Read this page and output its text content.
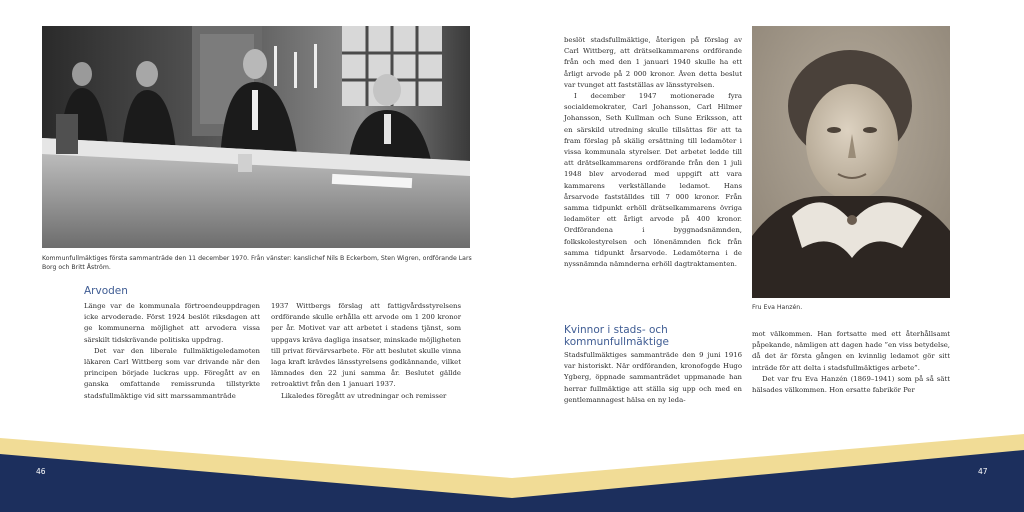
Kommunfullmäktiges första sammanträde den 11 december 1970. Från vänster: kanslichef Nils B Eckerbom, Sten Wigren, ordförande Lars Borg och Britt Åström.
Arvoden

Länge var de kommunala förtroendeuppdragen icke arvoderade. Först 1924 beslöt riksdagen att ge kommunerna möjlighet att arvodera vissa särskilt tidskrävande politiska uppdrag.

Det var den liberale fullmäktigeledamoten läkaren Carl Wittberg som var drivande när den principen började luckras upp. Föregått av en ganska omfattande remissrunda tillstyrkte stadsfullmäktige vid sitt marssammanträde

1937 Wittbergs förslag att fattigvårdsstyrelsens ordförande skulle erhålla ett arvode om 1 200 kronor per år. Motivet var att arbetet i stadens tjänst, som uppgavs kräva dagliga insatser, minskade möjligheten till privat förvärvsarbete. För att beslutet skulle vinna laga kraft krävdes länsstyrelsens godkännande, vilket lämnades den 22 juni samma år. Beslutet gällde retroaktivt från den 1 januari 1937.

Likaledes föregått av utredningar och remisser

beslöt stadsfullmäktige, återigen på förslag av Carl Wittberg, att drätselkammarens ordförande från och med den 1 januari 1940 skulle ha ett årligt arvode på 2 000 kronor. Även detta beslut var tvunget att fastställas av länsstyrelsen.

I december 1947 motionerade fyra socialdemokrater, Carl Johansson, Carl Hilmer Johansson, Seth Kullman och Sune Eriksson, att en särskild utredning skulle tillsättas för att ta fram förslag på skälig ersättning till ledamöter i vissa kommunala styrelser. Det arbetet ledde till att drätselkammarens ordförande från den 1 juli 1948 blev arvoderad med uppgift att vara kammarens verkställande ledamot. Hans årsarvode fastställdes till 7 000 kronor. Från samma tidpunkt erhöll drätselkammarens övriga ledamöter ett årligt arvode på 400 kronor. Ordförandena i byggnadsnämnden, folkskolestyrelsen och lönenämnden fick från samma tidpunkt årsarvode. Ledamöterna i de nyssnämnda nämnderna erhöll dagtraktamenten.

Kvinnor i stads- och kommunfullmäktige

Stadsfullmäktiges sammanträde den 9 juni 1916 var historiskt. När ordföranden, kronofogde Hugo Ygberg, öppnade sammanträdet uppmanade han herrar fullmäktige att ställa sig upp och med en gentlemannagest hälsa en ny leda-

Fru Eva Hanzén.

mot välkommen. Han fortsatte med ett återhållsamt påpekande, nämligen att dagen hade ”en viss betydelse, då det är första gången en kvinnlig ledamot gör sitt inträde för att delta i stadsfullmäktiges arbete”.

Det var fru Eva Hanzén (1869–1941) som på så sätt hälsades välkommen. Hon ersatte fabrikör Per

46	47
